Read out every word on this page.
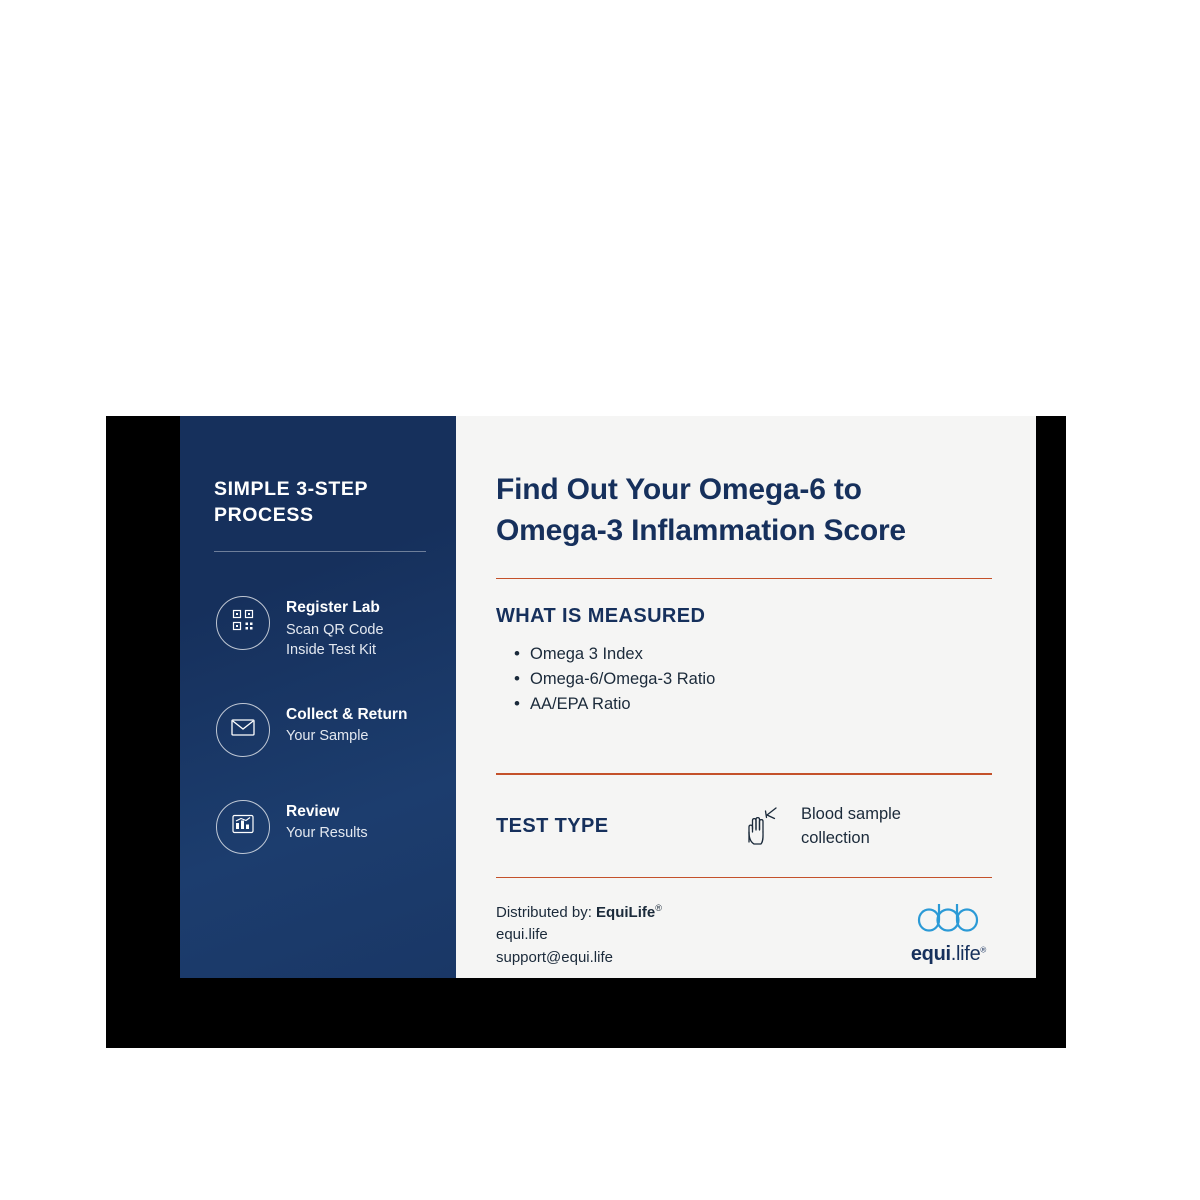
SIMPLE 3-STEP PROCESS
Register Lab
Scan QR Code
Inside Test Kit
Collect & Return
Your Sample
Review
Your Results
Find Out Your Omega-6 to Omega-3 Inflammation Score
WHAT IS MEASURED
• Omega 3 Index
• Omega-6/Omega-3 Ratio
• AA/EPA Ratio
TEST TYPE
Blood sample
collection
Distributed by: EquiLife®
equi.life
support@equi.life	equi.life®
